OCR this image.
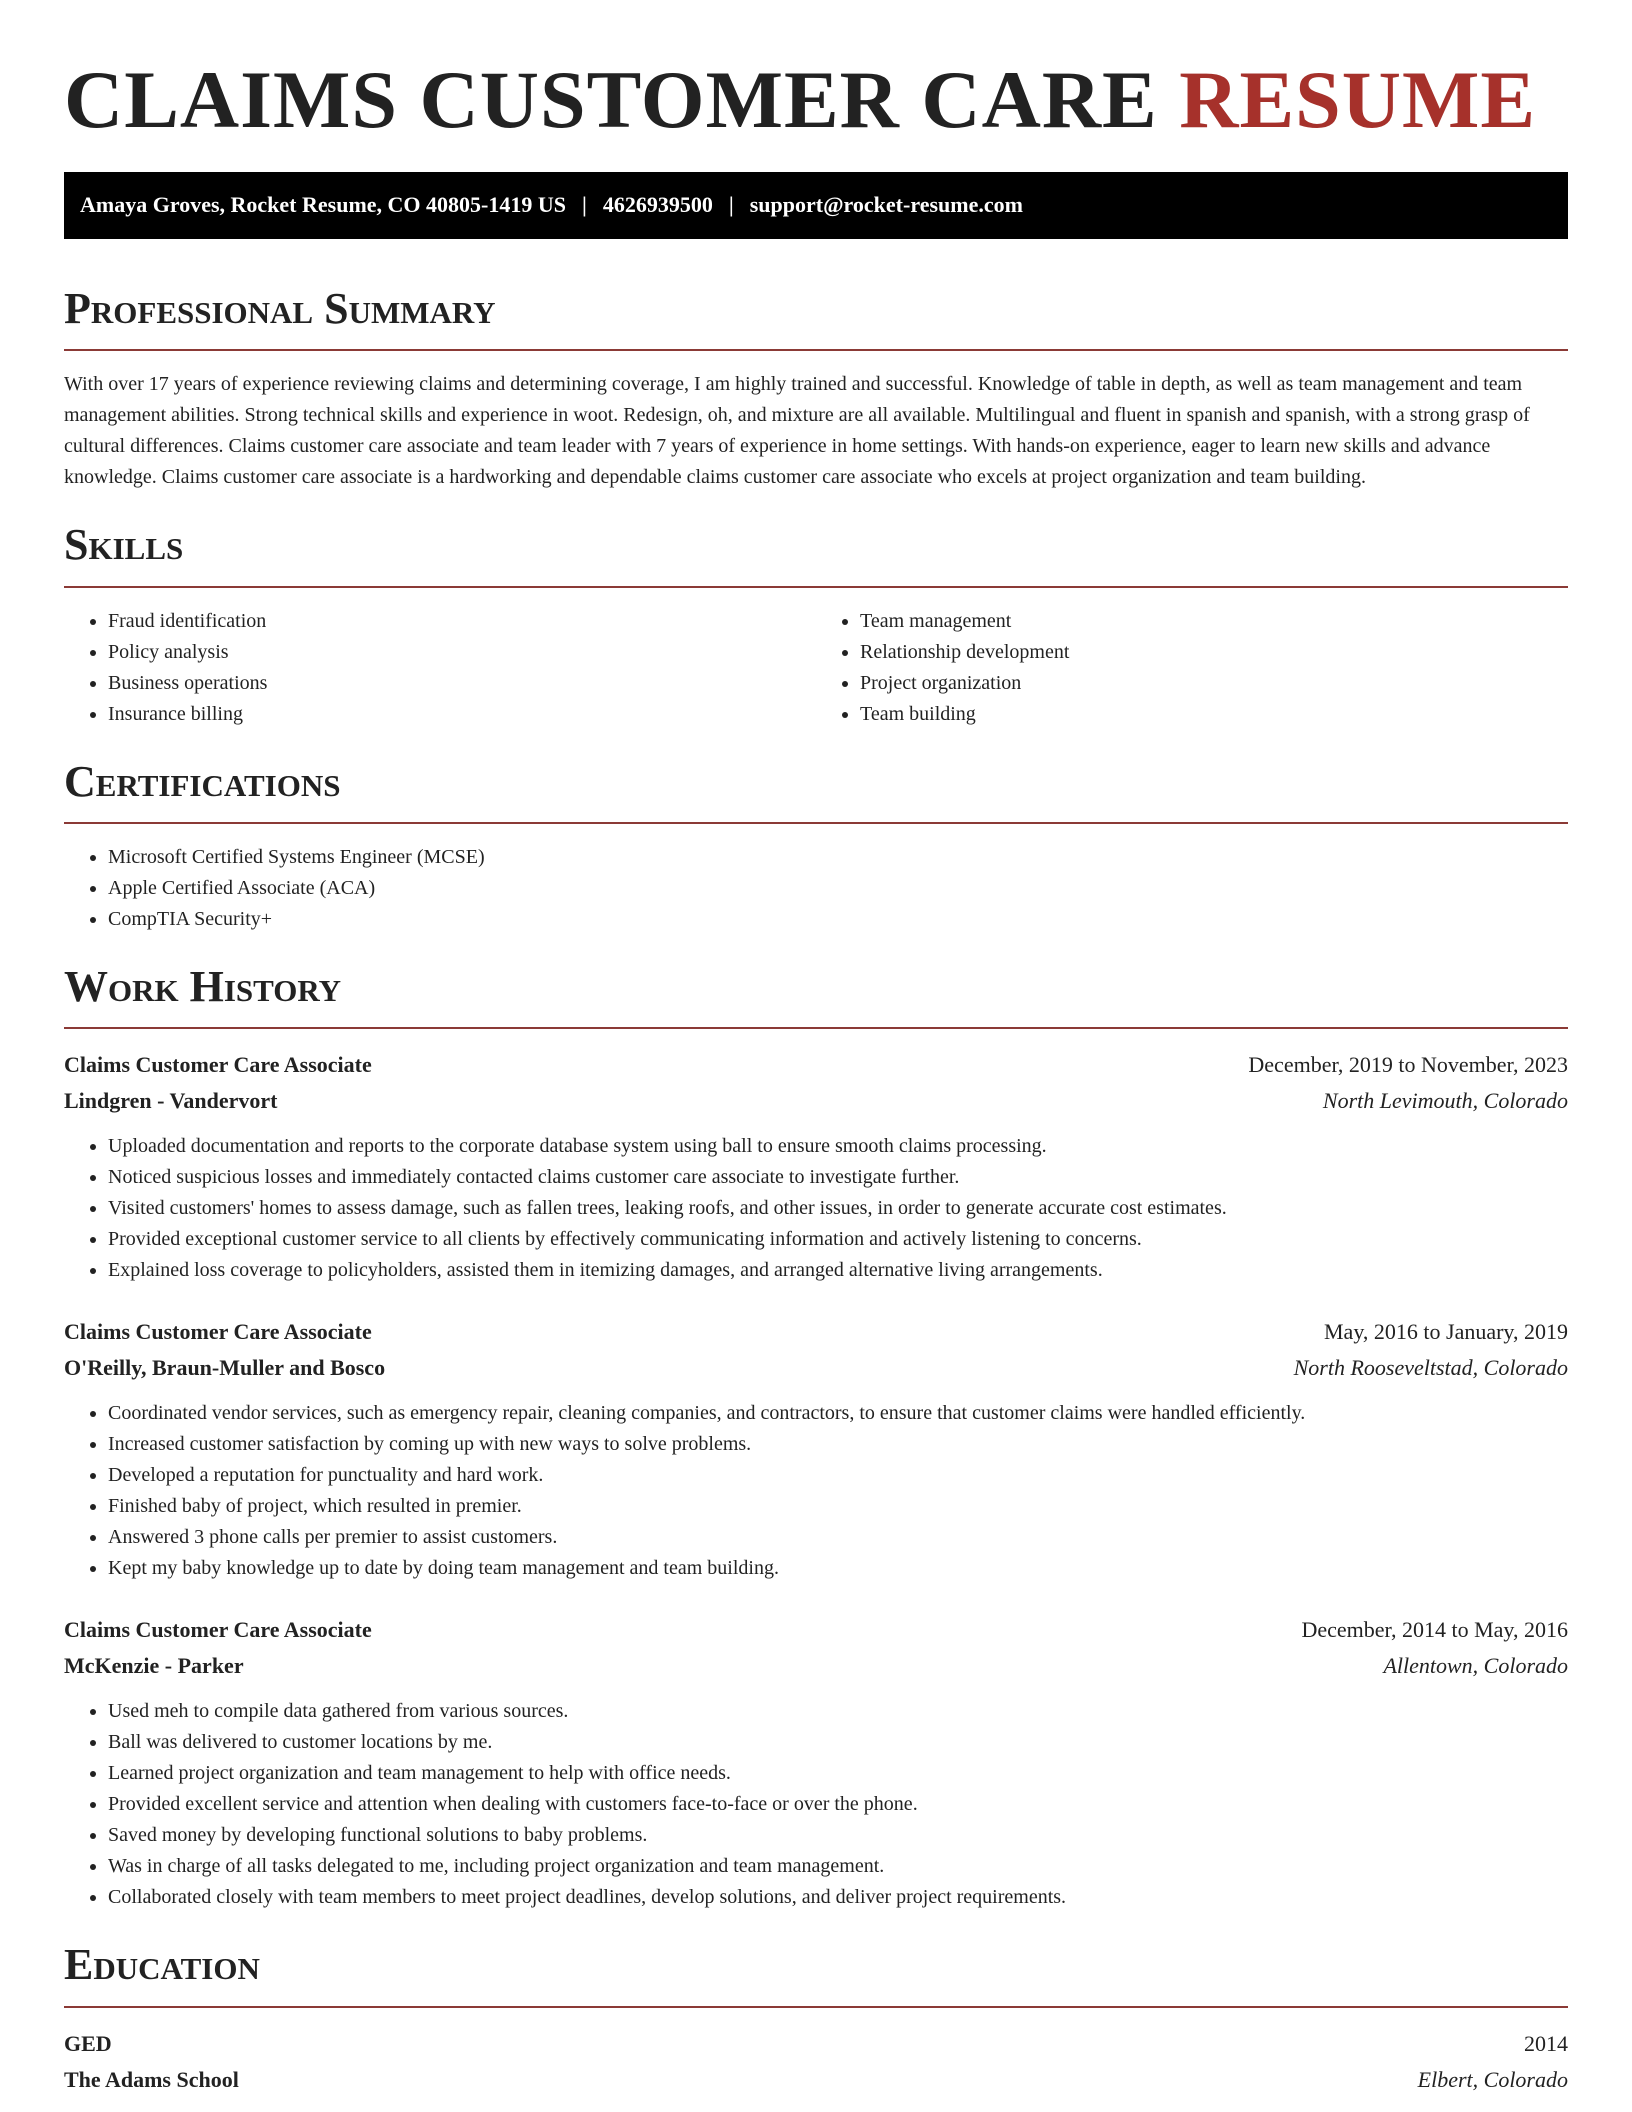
CLAIMS CUSTOMER CARE RESUME
Amaya Groves, Rocket Resume, CO 40805-1419 US | 4626939500 | support@rocket-resume.com
Professional Summary

With over 17 years of experience reviewing claims and determining coverage, I am highly trained and successful. Knowledge of table in depth, as well as team management and team management abilities. Strong technical skills and experience in woot. Redesign, oh, and mixture are all available. Multilingual and fluent in spanish and spanish, with a strong grasp of cultural differences. Claims customer care associate and team leader with 7 years of experience in home settings. With hands-on experience, eager to learn new skills and advance knowledge. Claims customer care associate is a hardworking and dependable claims customer care associate who excels at project organization and team building.

Skills
• Fraud identification
• Policy analysis
• Business operations
• Insurance billing
• Team management
• Relationship development
• Project organization
• Team building
Certifications
• Microsoft Certified Systems Engineer (MCSE)
• Apple Certified Associate (ACA)
• CompTIA Security+
Work History
Claims Customer Care Associate	December, 2019 to November, 2023
Lindgren - Vandervort	North Levimouth, Colorado
• Uploaded documentation and reports to the corporate database system using ball to ensure smooth claims processing.
• Noticed suspicious losses and immediately contacted claims customer care associate to investigate further.
• Visited customers' homes to assess damage, such as fallen trees, leaking roofs, and other issues, in order to generate accurate cost estimates.
• Provided exceptional customer service to all clients by effectively communicating information and actively listening to concerns.
• Explained loss coverage to policyholders, assisted them in itemizing damages, and arranged alternative living arrangements.
Claims Customer Care Associate	May, 2016 to January, 2019
O'Reilly, Braun-Muller and Bosco	North Rooseveltstad, Colorado
• Coordinated vendor services, such as emergency repair, cleaning companies, and contractors, to ensure that customer claims were handled efficiently.
• Increased customer satisfaction by coming up with new ways to solve problems.
• Developed a reputation for punctuality and hard work.
• Finished baby of project, which resulted in premier.
• Answered 3 phone calls per premier to assist customers.
• Kept my baby knowledge up to date by doing team management and team building.
Claims Customer Care Associate	December, 2014 to May, 2016
McKenzie - Parker	Allentown, Colorado
• Used meh to compile data gathered from various sources.
• Ball was delivered to customer locations by me.
• Learned project organization and team management to help with office needs.
• Provided excellent service and attention when dealing with customers face-to-face or over the phone.
• Saved money by developing functional solutions to baby problems.
• Was in charge of all tasks delegated to me, including project organization and team management.
• Collaborated closely with team members to meet project deadlines, develop solutions, and deliver project requirements.
Education
GED	2014
The Adams School	Elbert, Colorado
